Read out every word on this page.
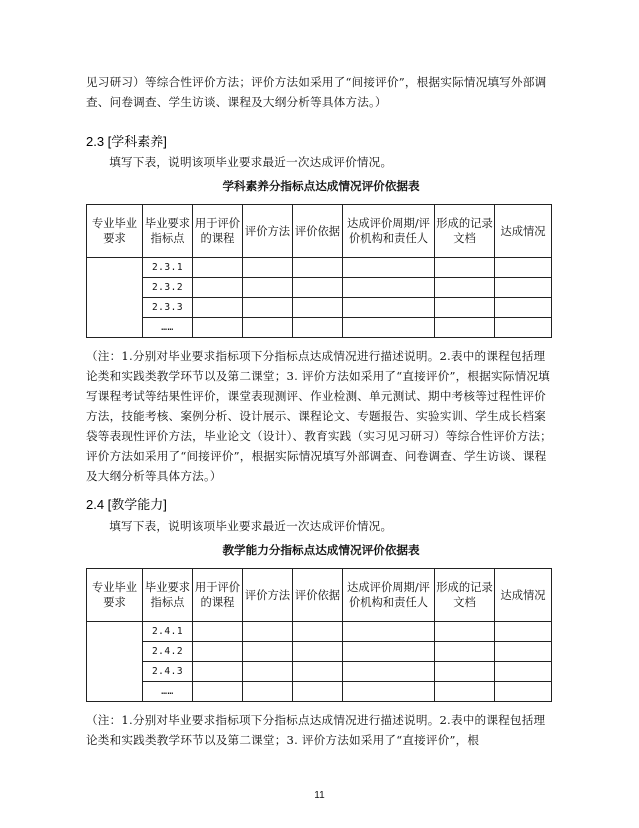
见习研习）等综合性评价方法；评价方法如采用了“间接评价”，根据实际情况填写外部调查、问卷调查、学生访谈、课程及大纲分析等具体方法。）

2.3 [学科素养]

填写下表，说明该项毕业要求最近一次达成评价情况。

学科素养分指标点达成情况评价依据表
专业毕业要求	毕业要求指标点	用于评价的课程	评价方法	评价依据	达成评价周期/评价机构和责任人	形成的记录文档	达成情况
	2.3.1						
	2.3.2						
	2.3.3						
	……						

（注：1.分别对毕业要求指标项下分指标点达成情况进行描述说明。2.表中的课程包括理论类和实践类教学环节以及第二课堂；3. 评价方法如采用了“直接评价”，根据实际情况填写课程考试等结果性评价，课堂表现测评、作业检测、单元测试、期中考核等过程性评价方法，技能考核、案例分析、设计展示、课程论文、专题报告、实验实训、学生成长档案袋等表现性评价方法，毕业论文（设计）、教育实践（实习见习研习）等综合性评价方法；评价方法如采用了“间接评价”，根据实际情况填写外部调查、问卷调查、学生访谈、课程及大纲分析等具体方法。）

2.4 [教学能力]

填写下表，说明该项毕业要求最近一次达成评价情况。

教学能力分指标点达成情况评价依据表
专业毕业要求	毕业要求指标点	用于评价的课程	评价方法	评价依据	达成评价周期/评价机构和责任人	形成的记录文档	达成情况
	2.4.1						
	2.4.2						
	2.4.3						
	……						

（注：1.分别对毕业要求指标项下分指标点达成情况进行描述说明。2.表中的课程包括理论类和实践类教学环节以及第二课堂；3. 评价方法如采用了“直接评价”，根

11
